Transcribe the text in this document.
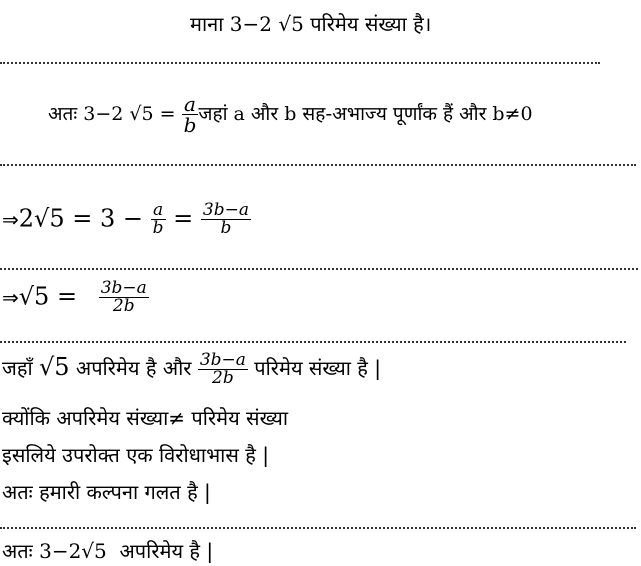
माना 3−2 √5 परिमेय संख्या है।
अतः 3−2 $√5 = \frac{a}{b}$ जहां a और b सह-अभाज्य पूर्णांक हैं और b≠0
⇒2√5 = $3 - \frac{a}{b} = \frac{3b-a}{b}$
⇒√5 = $\frac{3b-a}{2b}$
जहाँ √5 अपरिमेय है और $\frac{3b-a}{2b}$ परिमेय संख्या है |
क्योंकि अपरिमेय संख्या≠ परिमेय संख्या
इसलिये उपरोक्त एक विरोधाभास है |
अतः हमारी कल्पना गलत है |
अतः 3−2√5 अपरिमेय है |
